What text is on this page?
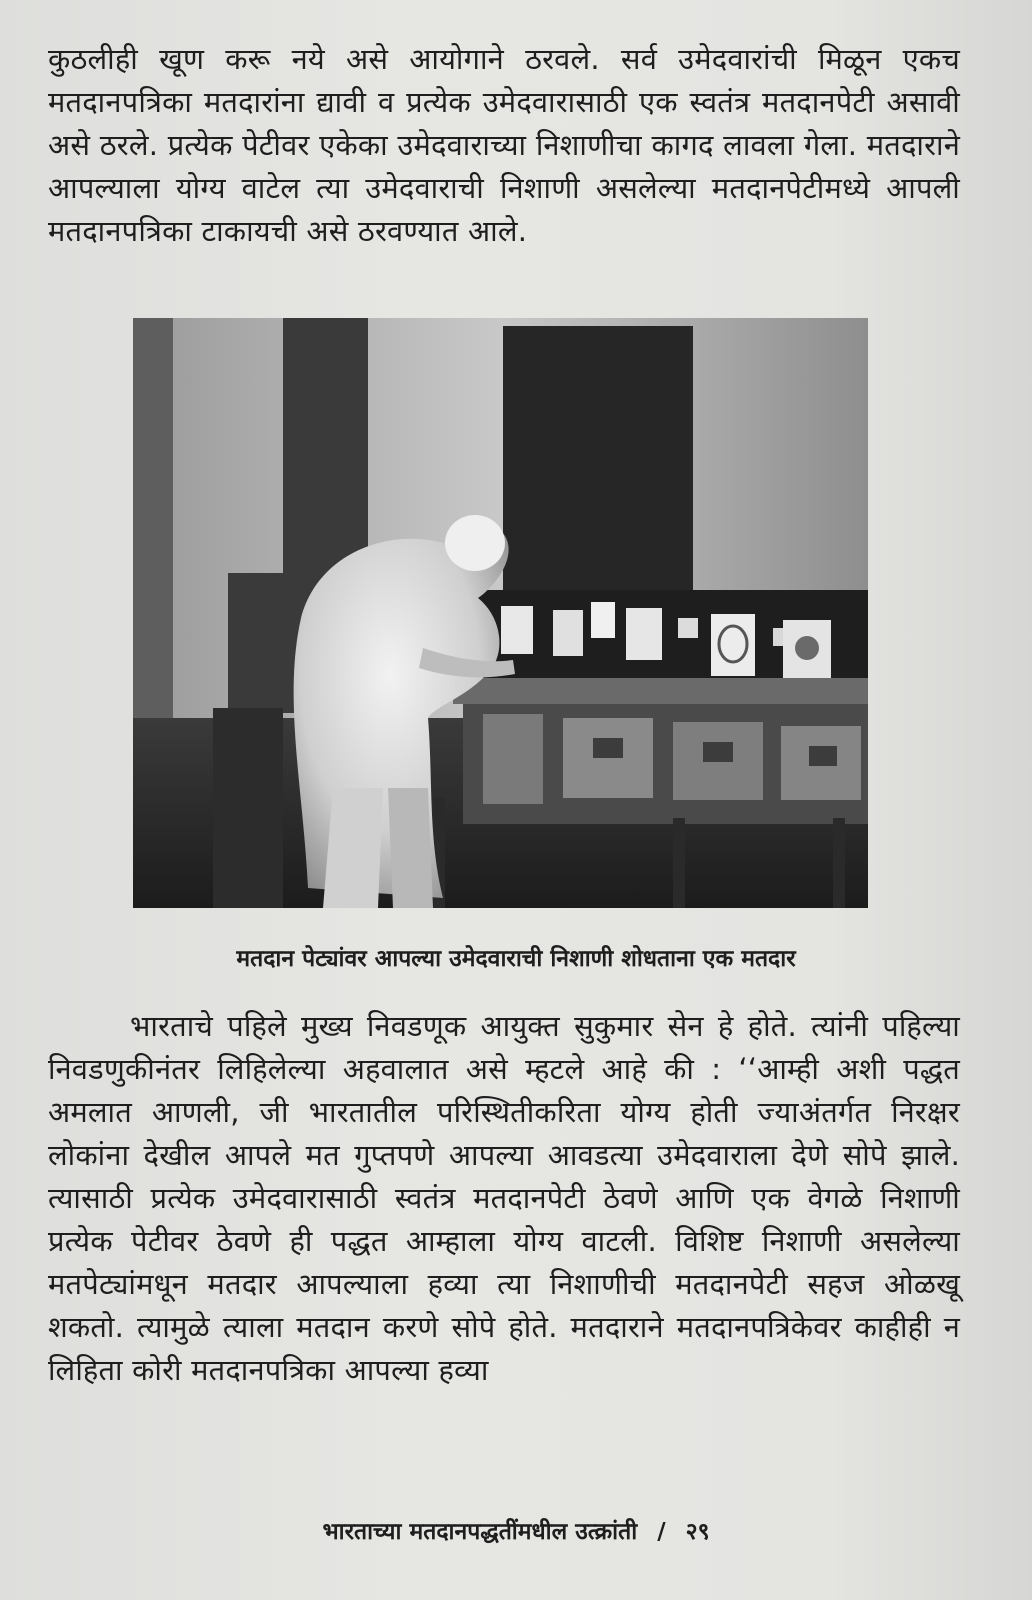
कुठलीही खूण करू नये असे आयोगाने ठरवले. सर्व उमेदवारांची मिळून एकच मतदानपत्रिका मतदारांना द्यावी व प्रत्येक उमेदवारासाठी एक स्वतंत्र मतदानपेटी असावी असे ठरले. प्रत्येक पेटीवर एकेका उमेदवाराच्या निशाणीचा कागद लावला गेला. मतदाराने आपल्याला योग्य वाटेल त्या उमेदवाराची निशाणी असलेल्या मतदानपेटीमध्ये आपली मतदानपत्रिका टाकायची असे ठरवण्यात आले.

मतदान पेट्यांवर आपल्या उमेदवाराची निशाणी शोधताना एक मतदार

भारताचे पहिले मुख्य निवडणूक आयुक्त सुकुमार सेन हे होते. त्यांनी पहिल्या निवडणुकीनंतर लिहिलेल्या अहवालात असे म्हटले आहे की : ‘‘आम्ही अशी पद्धत अमलात आणली, जी भारतातील परिस्थितीकरिता योग्य होती ज्याअंतर्गत निरक्षर लोकांना देखील आपले मत गुप्तपणे आपल्या आवडत्या उमेदवाराला देणे सोपे झाले. त्यासाठी प्रत्येक उमेदवारासाठी स्वतंत्र मतदानपेटी ठेवणे आणि एक वेगळे निशाणी प्रत्येक पेटीवर ठेवणे ही पद्धत आम्हाला योग्य वाटली. विशिष्ट निशाणी असलेल्या मतपेट्यांमधून मतदार आपल्याला हव्या त्या निशाणीची मतदानपेटी सहज ओळखू शकतो. त्यामुळे त्याला मतदान करणे सोपे होते. मतदाराने मतदानपत्रिकेवर काहीही न लिहिता कोरी मतदानपत्रिका आपल्या हव्या

भारताच्या मतदानपद्धतींमधील उत्क्रांती / २९
